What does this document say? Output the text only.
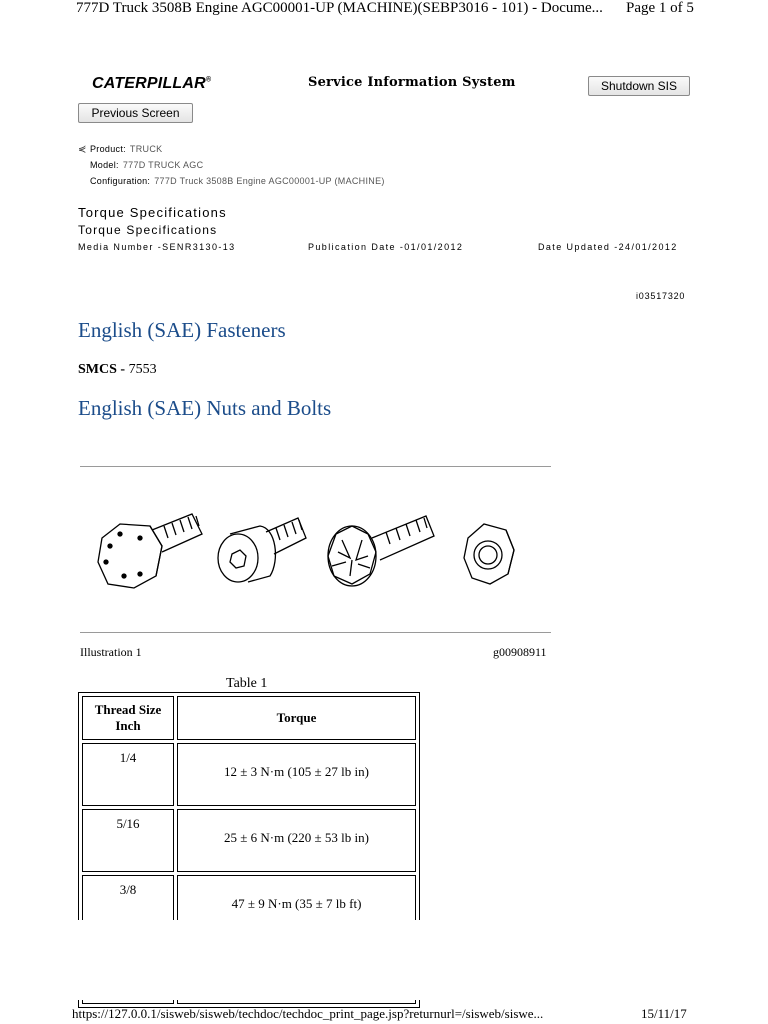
777D Truck 3508B Engine AGC00001-UP (MACHINE)(SEBP3016 - 101) - Docume... Page 1 of 5
CATERPILLAR®	Service Information System	Shutdown SIS
Previous Screen
⋞ Product: TRUCK
Model: 777D TRUCK AGC
Configuration: 777D Truck 3508B Engine AGC00001-UP (MACHINE)
Torque Specifications
Torque Specifications
Media Number -SENR3130-13	Publication Date -01/01/2012	Date Updated -24/01/2012
i03517320
English (SAE) Fasteners
SMCS - 7553
English (SAE) Nuts and Bolts
Illustration 1	g00908911
Table 1
Thread Size Inch	Torque
1/4	12 ± 3 N·m (105 ± 27 lb in)
5/16	25 ± 6 N·m (220 ± 53 lb in)
3/8	47 ± 9 N·m (35 ± 7 lb ft)

https://127.0.0.1/sisweb/sisweb/techdoc/techdoc_print_page.jsp?returnurl=/sisweb/siswe...	15/11/17
